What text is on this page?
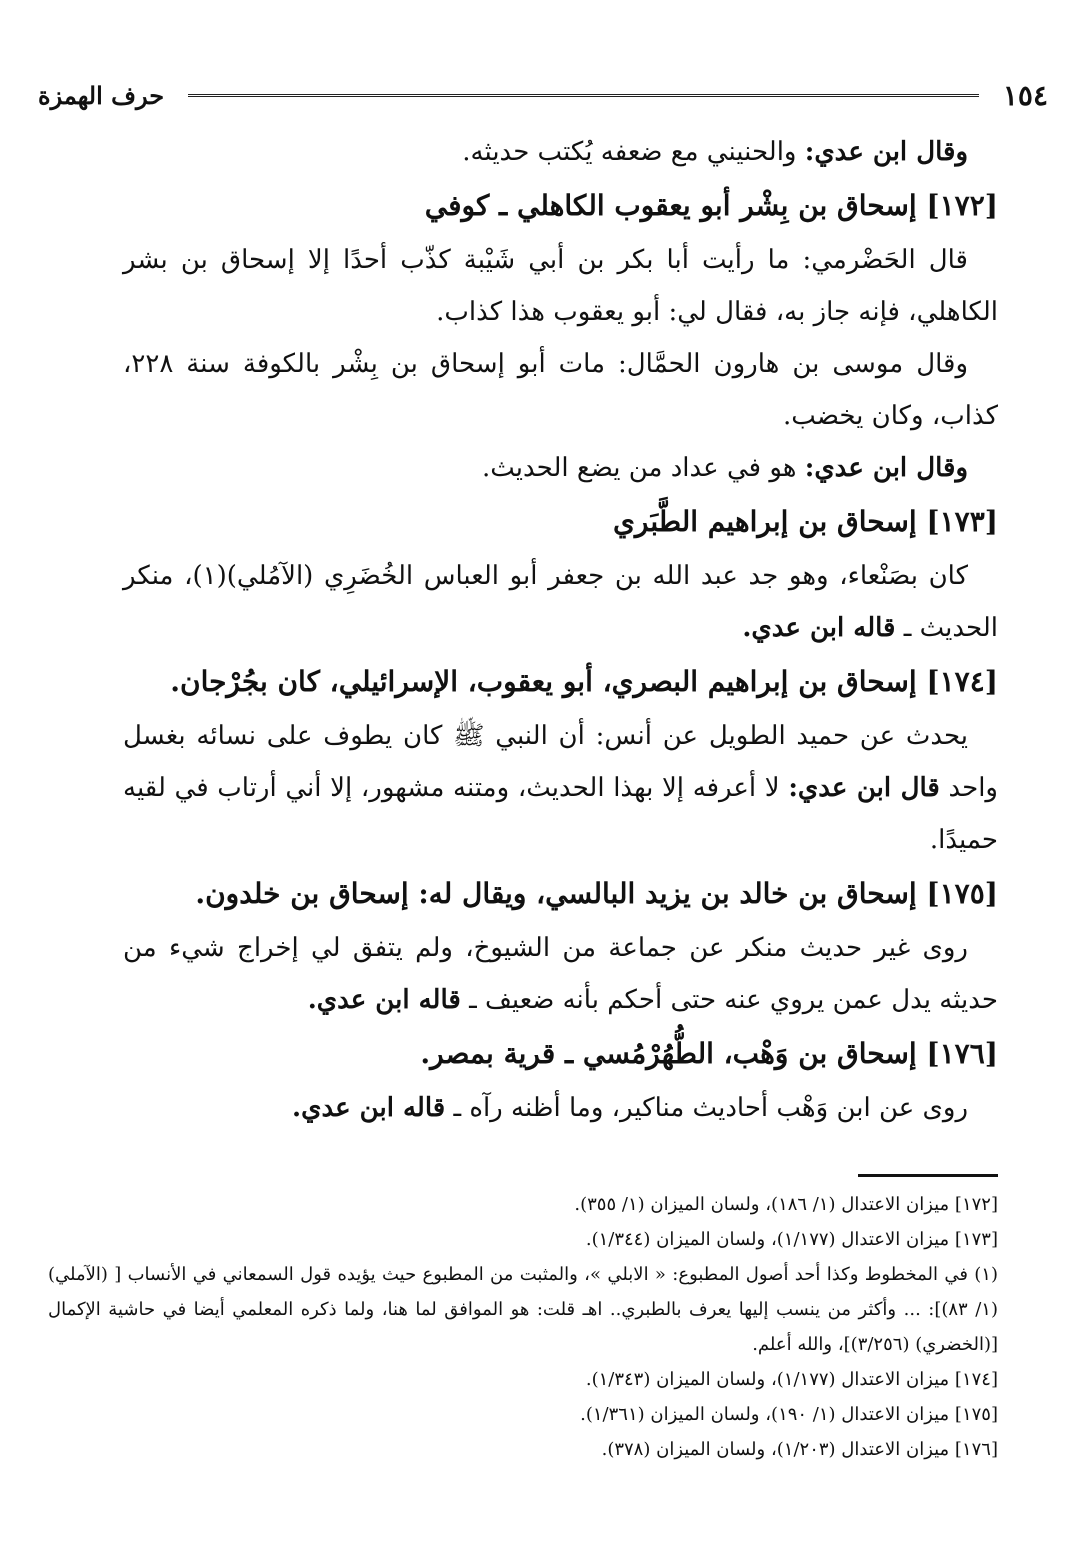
١٥٤
حرف الهمزة

وقال ابن عدي: والحنيني مع ضعفه يُكتب حديثه.

[١٧٢] إسحاق بن بِشْر أبو يعقوب الكاهلي ـ كوفي

قال الحَضْرمي: ما رأيت أبا بكر بن أبي شَيْبة كذّب أحدًا إلا إسحاق بن بشر الكاهلي، فإنه جاز به، فقال لي: أبو يعقوب هذا كذاب.

وقال موسى بن هارون الحمَّال: مات أبو إسحاق بن بِشْر بالكوفة سنة ٢٢٨، كذاب، وكان يخضب.

وقال ابن عدي: هو في عداد من يضع الحديث.

[١٧٣] إسحاق بن إبراهيم الطَّبَري

كان بصَنْعاء، وهو جد عبد الله بن جعفر أبو العباس الخُضَرِي (الآمُلي)(١)، منكر الحديث ـ قاله ابن عدي.

[١٧٤] إسحاق بن إبراهيم البصري، أبو يعقوب، الإسرائيلي، كان بجُرْجان.

يحدث عن حميد الطويل عن أنس: أن النبي ﷺ كان يطوف على نسائه بغسل واحد قال ابن عدي: لا أعرفه إلا بهذا الحديث، ومتنه مشهور، إلا أني أرتاب في لقيه حميدًا.

[١٧٥] إسحاق بن خالد بن يزيد البالسي، ويقال له: إسحاق بن خلدون.

روى غير حديث منكر عن جماعة من الشيوخ، ولم يتفق لي إخراج شيء من حديثه يدل عمن يروي عنه حتى أحكم بأنه ضعيف ـ قاله ابن عدي.

[١٧٦] إسحاق بن وَهْب، الطُّهُرْمُسي ـ قرية بمصر.

روى عن ابن وَهْب أحاديث مناكير، وما أظنه رآه ـ قاله ابن عدي.

[١٧٢] ميزان الاعتدال (١/ ١٨٦)، ولسان الميزان (١/ ٣٥٥).

[١٧٣] ميزان الاعتدال (١/١٧٧)، ولسان الميزان (١/٣٤٤).

(١) في المخطوط وكذا أحد أصول المطبوع: « الابلي »، والمثبت من المطبوع حيث يؤيده قول السمعاني في الأنساب [ (الآملي)(١/ ٨٣)]: ... وأكثر من ينسب إليها يعرف بالطبري.. اهـ قلت: هو الموافق لما هنا، ولما ذكره المعلمي أيضا في حاشية الإكمال [(الخضري) (٣/٢٥٦)]، والله أعلم.

[١٧٤] ميزان الاعتدال (١/١٧٧)، ولسان الميزان (١/٣٤٣).

[١٧٥] ميزان الاعتدال (١/ ١٩٠)، ولسان الميزان (١/٣٦١).

[١٧٦] ميزان الاعتدال (١/٢٠٣)، ولسان الميزان (٣٧٨).
